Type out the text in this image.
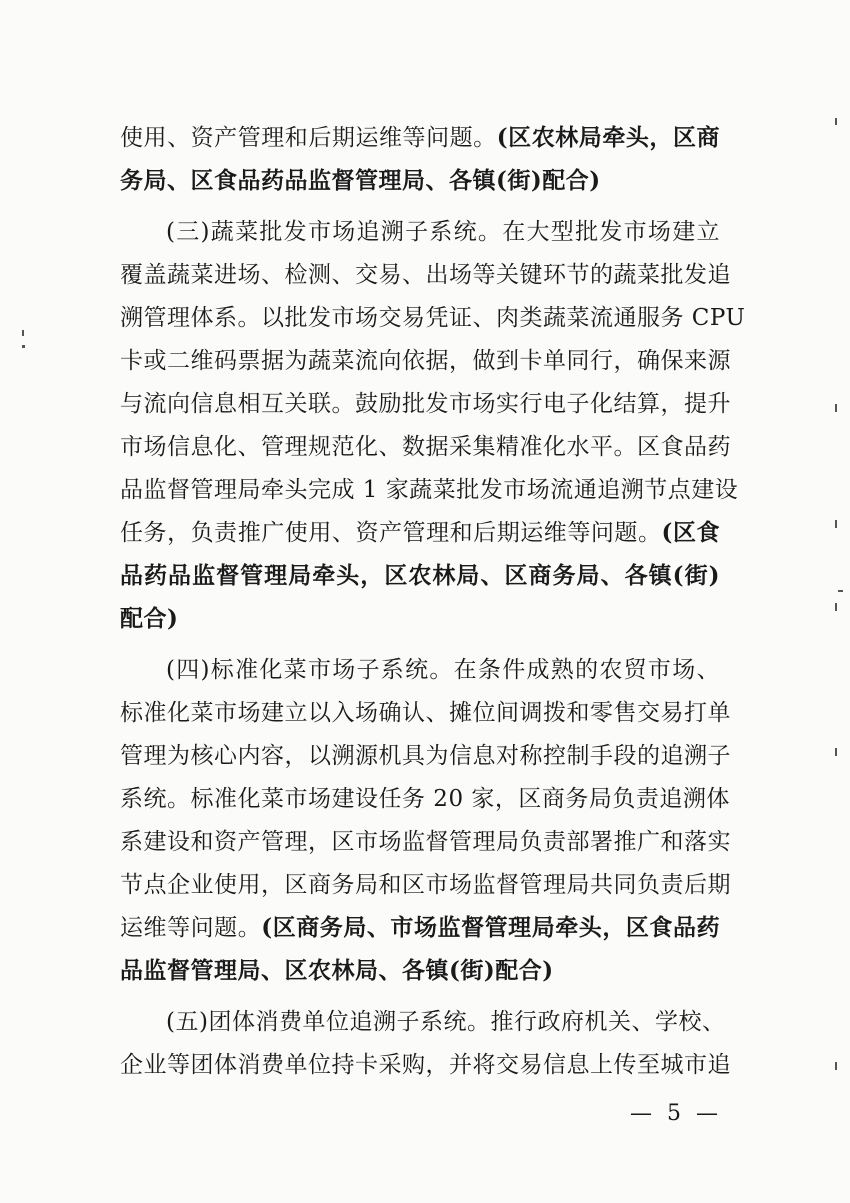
使用、资产管理和后期运维等问题。(区农林局牵头，区商
务局、区食品药品监督管理局、各镇(街)配合)
(三)蔬菜批发市场追溯子系统。在大型批发市场建立
覆盖蔬菜进场、检测、交易、出场等关键环节的蔬菜批发追
溯管理体系。以批发市场交易凭证、肉类蔬菜流通服务 CPU
卡或二维码票据为蔬菜流向依据，做到卡单同行，确保来源
与流向信息相互关联。鼓励批发市场实行电子化结算，提升
市场信息化、管理规范化、数据采集精准化水平。区食品药
品监督管理局牵头完成 1 家蔬菜批发市场流通追溯节点建设
任务，负责推广使用、资产管理和后期运维等问题。(区食
品药品监督管理局牵头，区农林局、区商务局、各镇(街)
配合)
(四)标准化菜市场子系统。在条件成熟的农贸市场、
标准化菜市场建立以入场确认、摊位间调拨和零售交易打单
管理为核心内容，以溯源机具为信息对称控制手段的追溯子
系统。标准化菜市场建设任务 20 家，区商务局负责追溯体
系建设和资产管理，区市场监督管理局负责部署推广和落实
节点企业使用，区商务局和区市场监督管理局共同负责后期
运维等问题。(区商务局、市场监督管理局牵头，区食品药
品监督管理局、区农林局、各镇(街)配合)
(五)团体消费单位追溯子系统。推行政府机关、学校、
企业等团体消费单位持卡采购，并将交易信息上传至城市追
— 5 —
